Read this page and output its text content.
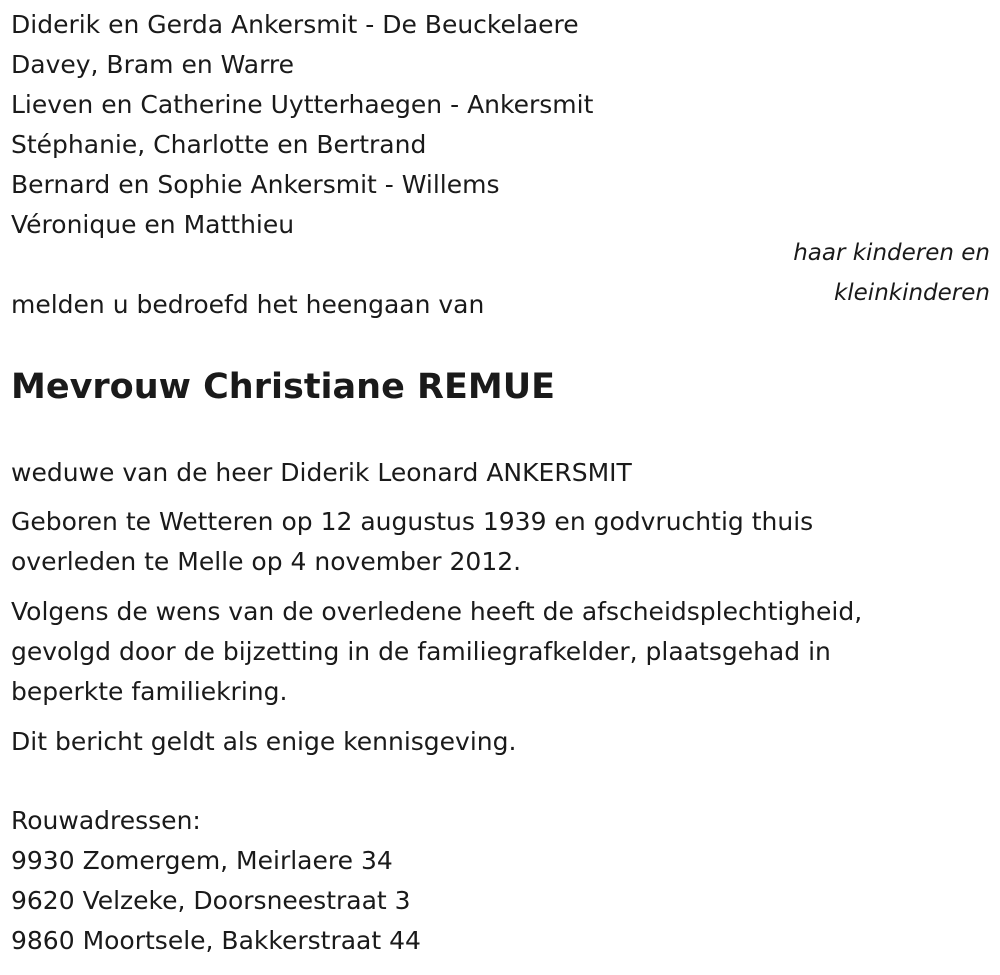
Diderik en Gerda Ankersmit - De Beuckelaere

Davey, Bram en Warre

Lieven en Catherine Uytterhaegen - Ankersmit

Stéphanie, Charlotte en Bertrand

Bernard en Sophie Ankersmit - Willems

Véronique en Matthieu

haar kinderen en
kleinkinderen

melden u bedroefd het heengaan van

Mevrouw Christiane REMUE

weduwe van de heer Diderik Leonard ANKERSMIT

Geboren te Wetteren op 12 augustus 1939 en godvruchtig thuis
overleden te Melle op 4 november 2012.

Volgens de wens van de overledene heeft de afscheidsplechtigheid,
gevolgd door de bijzetting in de familiegrafkelder, plaatsgehad in
beperkte familiekring.

Dit bericht geldt als enige kennisgeving.

Rouwadressen:

9930 Zomergem, Meirlaere 34

9620 Velzeke, Doorsneestraat 3

9860 Moortsele, Bakkerstraat 44
